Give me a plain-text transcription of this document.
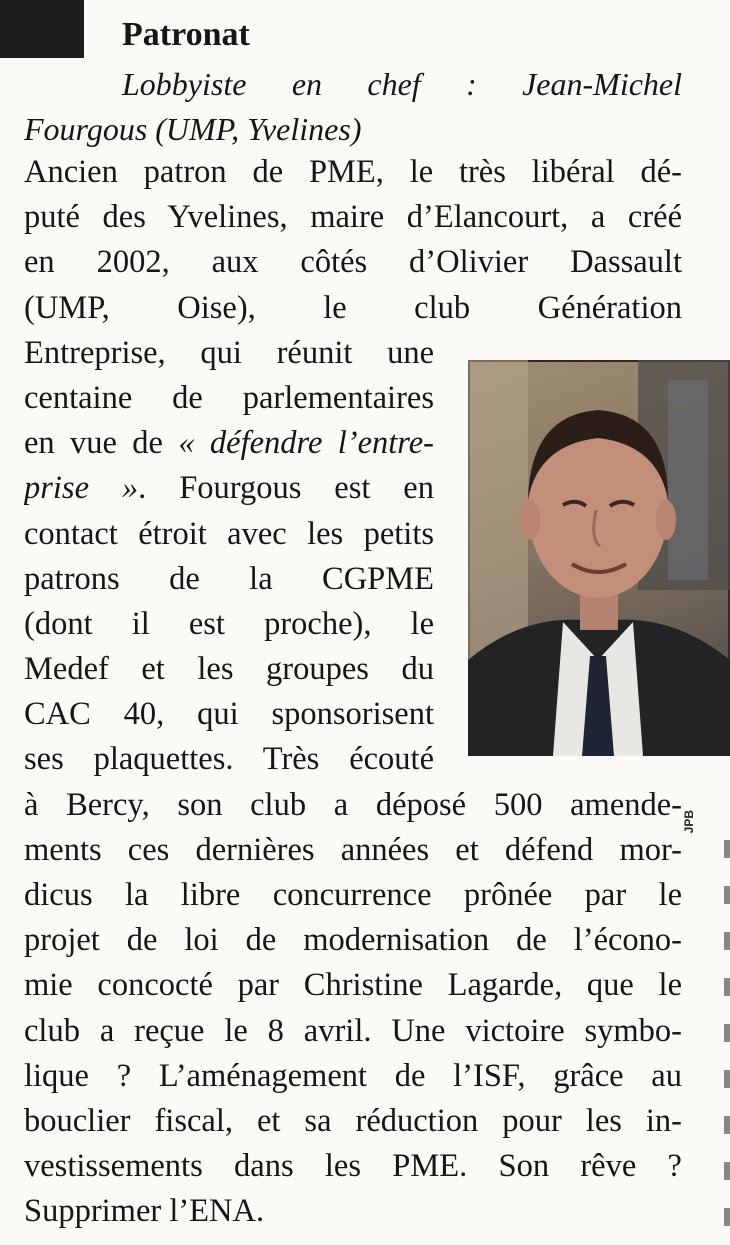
Patronat
Lobbyiste en chef : Jean-Michel
Fourgous (UMP, Yvelines)
Ancien patron de PME, le très libéral dé-
puté des Yvelines, maire d’Elancourt, a créé
en 2002, aux côtés d’Olivier Dassault
(UMP, Oise), le club Génération
Entreprise, qui réunit une
centaine de parlementaires
en vue de « défendre l’entre-
prise ». Fourgous est en
contact étroit avec les petits
patrons de la CGPME
(dont il est proche), le
Medef et les groupes du
CAC 40, qui sponsorisent
ses plaquettes. Très écouté
à Bercy, son club a déposé 500 amende-
ments ces dernières années et défend mor-
dicus la libre concurrence prônée par le
projet de loi de modernisation de l’écono-
mie concocté par Christine Lagarde, que le
club a reçue le 8 avril. Une victoire symbo-
lique ? L’aménagement de l’ISF, grâce au
bouclier fiscal, et sa réduction pour les in-
vestissements dans les PME. Son rêve ?
Supprimer l’ENA.
JPB
